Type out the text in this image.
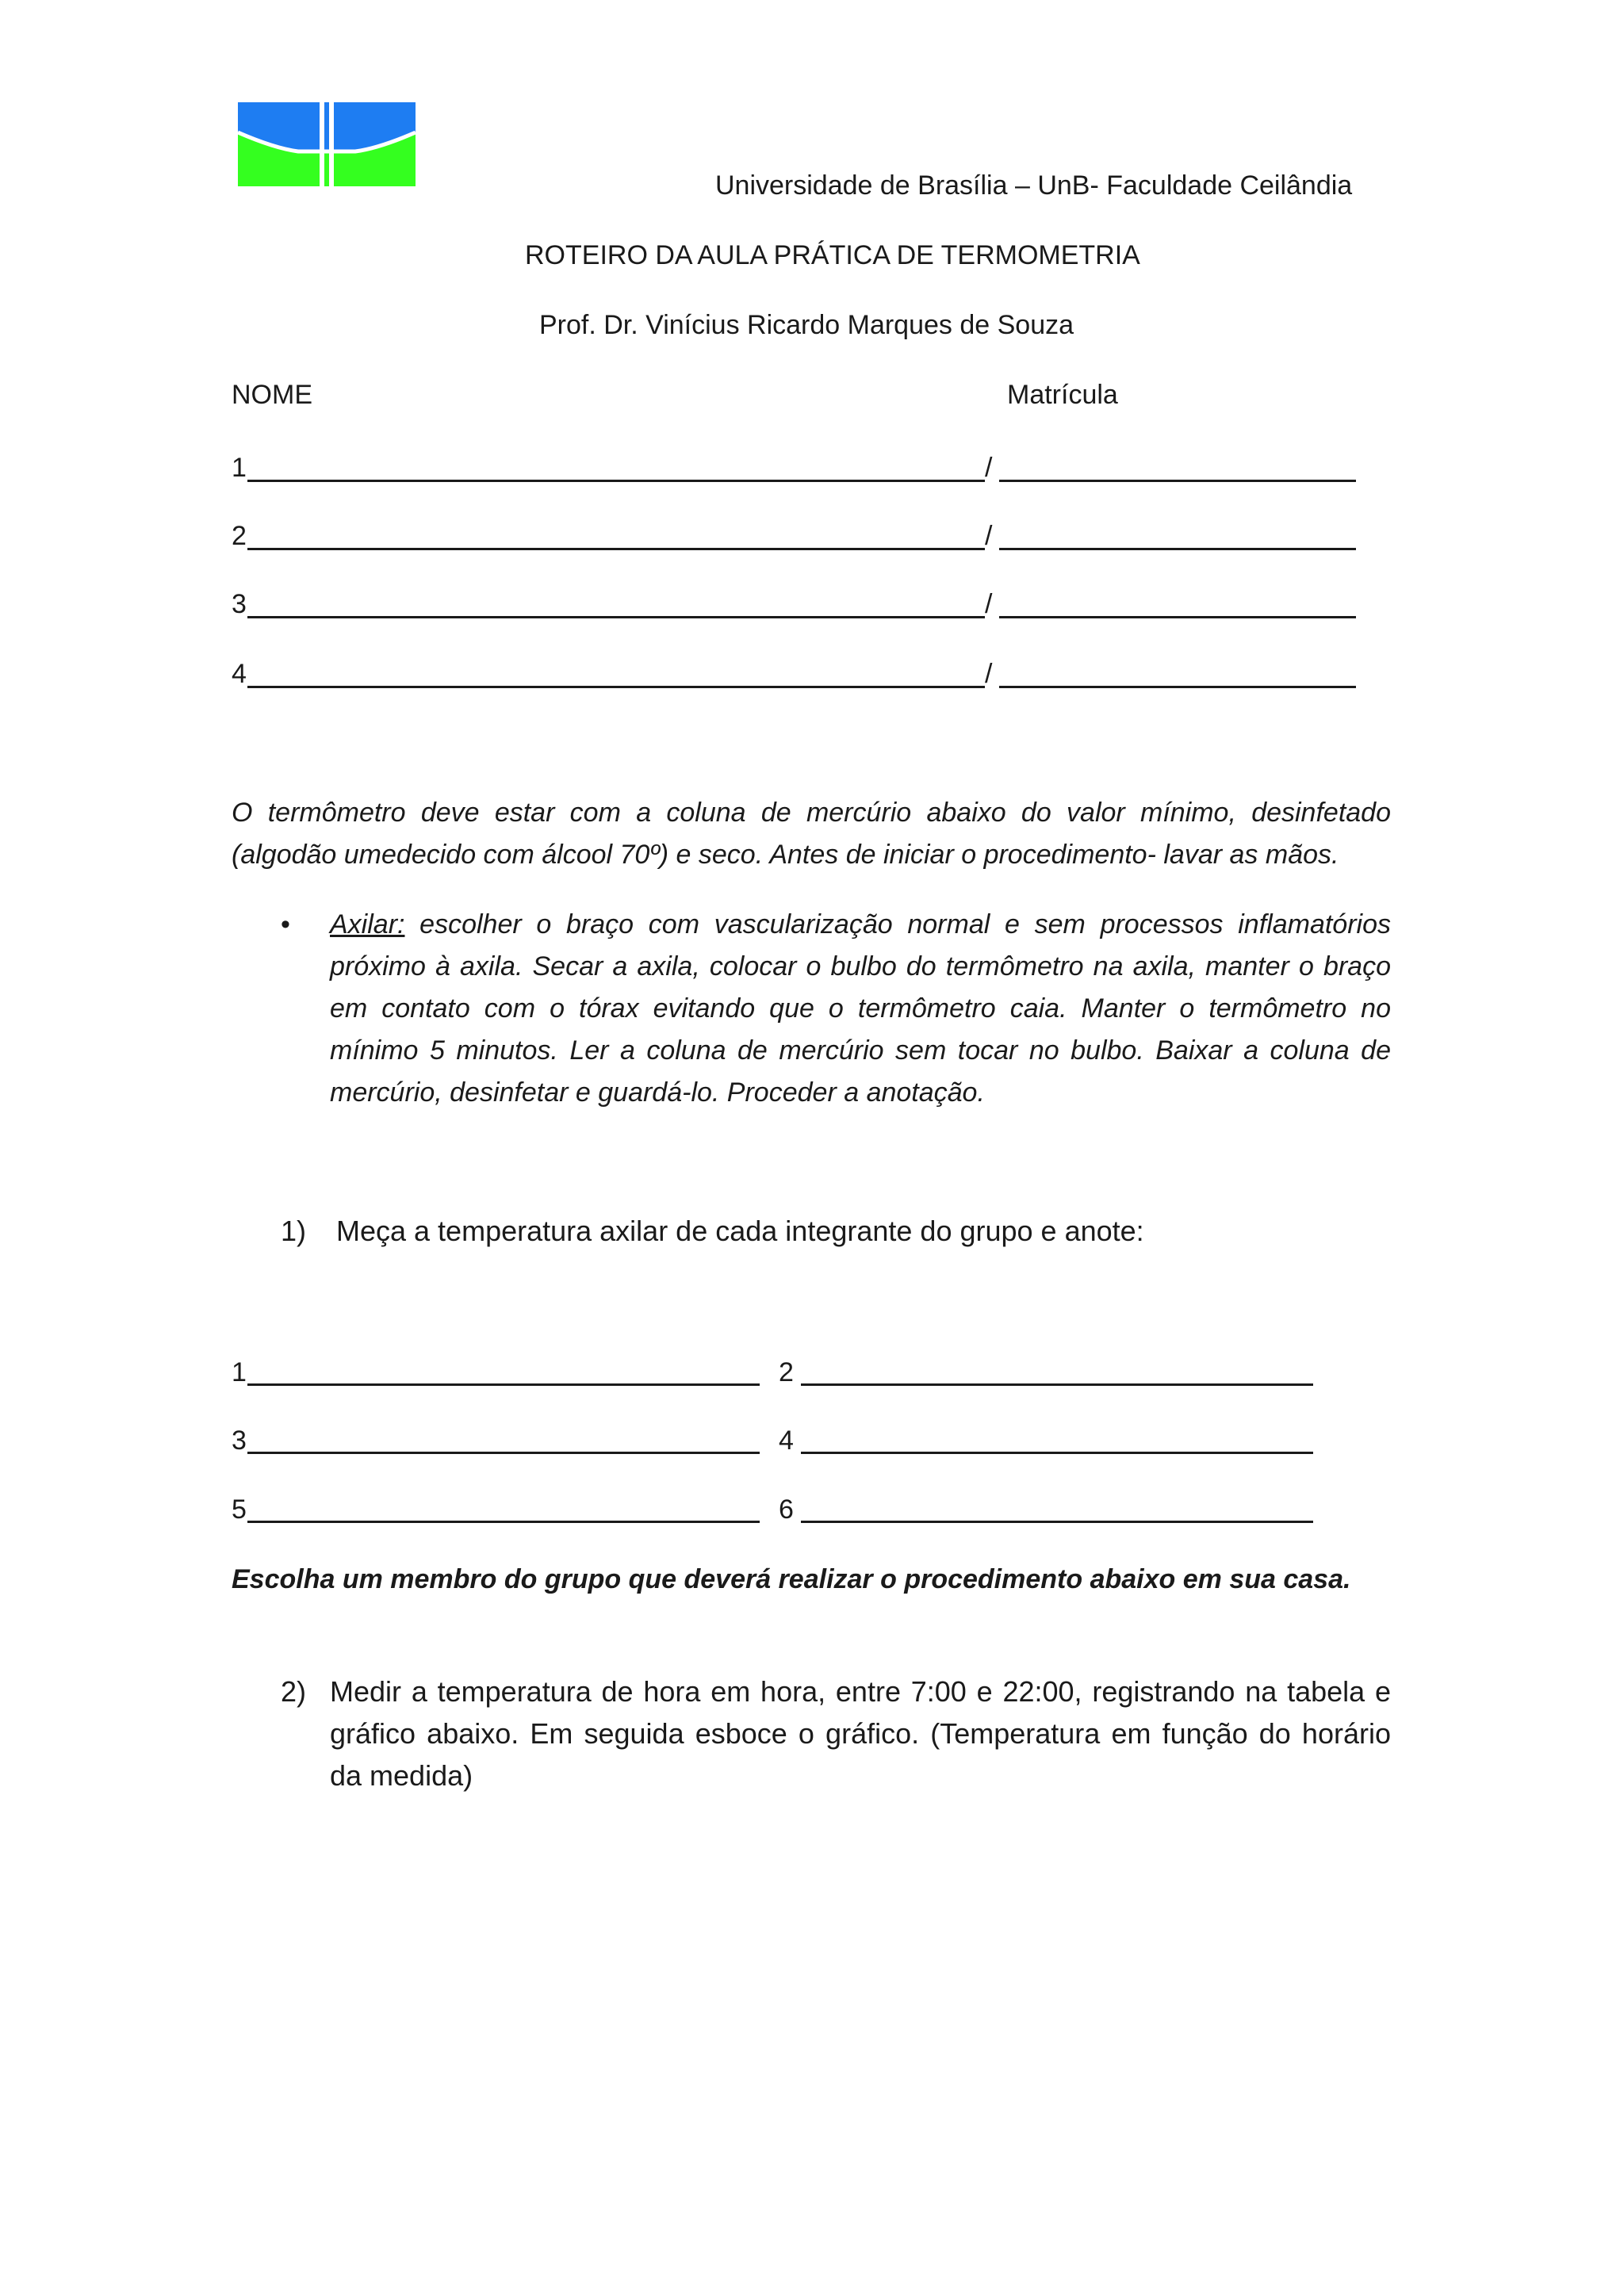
Universidade de Brasília – UnB- Faculdade Ceilândia
ROTEIRO DA AULA PRÁTICA DE TERMOMETRIA
Prof. Dr. Vinícius Ricardo Marques de Souza
NOME	Matrícula
1	/
2	/
3	/
4	/
O termômetro deve estar com a coluna de mercúrio abaixo do valor mínimo, desinfetado (algodão umedecido com álcool 70º) e seco. Antes de iniciar o procedimento- lavar as mãos.
• Axilar: escolher o braço com vascularização normal e sem processos inflamatórios próximo à axila. Secar a axila, colocar o bulbo do termômetro na axila, manter o braço em contato com o tórax evitando que o termômetro caia. Manter o termômetro no mínimo 5 minutos. Ler a coluna de mercúrio sem tocar no bulbo. Baixar a coluna de mercúrio, desinfetar e guardá-lo. Proceder a anotação.
1) Meça a temperatura axilar de cada integrante do grupo e anote:
1	2
3	4
5	6
Escolha um membro do grupo que deverá realizar o procedimento abaixo em sua casa.
2) Medir a temperatura de hora em hora, entre 7:00 e 22:00, registrando na tabela e gráfico abaixo. Em seguida esboce o gráfico. (Temperatura em função do horário da medida)
